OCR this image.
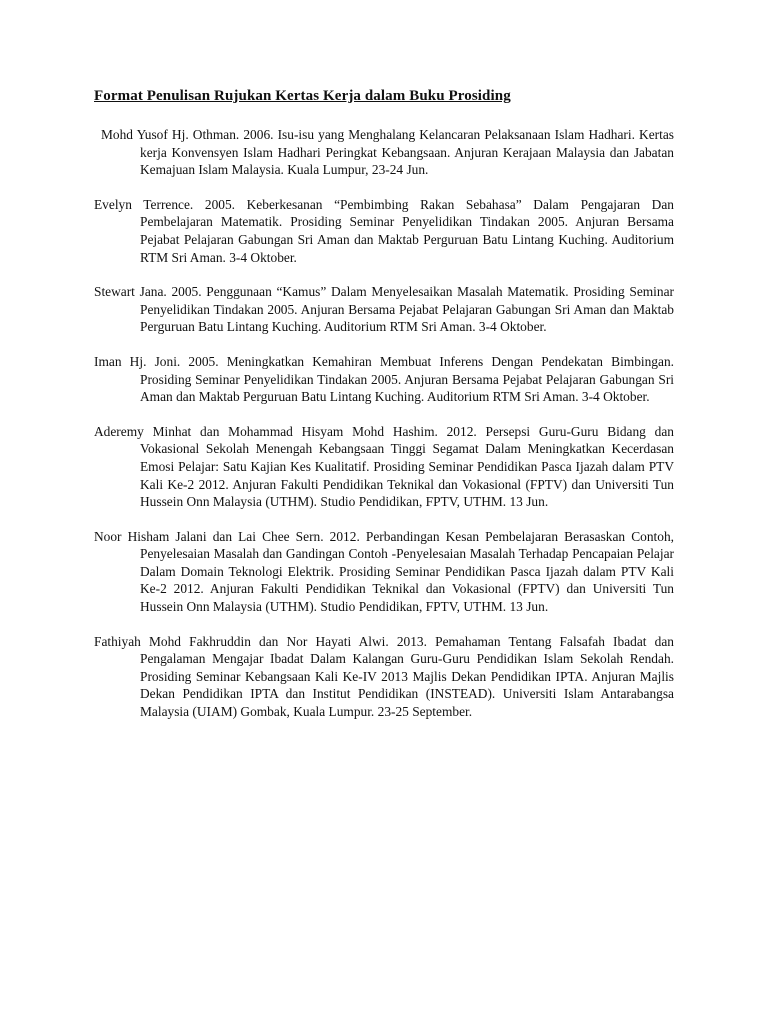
Format Penulisan Rujukan Kertas Kerja dalam Buku Prosiding

Mohd Yusof Hj. Othman. 2006. Isu-isu yang Menghalang Kelancaran Pelaksanaan Islam Hadhari. Kertas kerja Konvensyen Islam Hadhari Peringkat Kebangsaan. Anjuran Kerajaan Malaysia dan Jabatan Kemajuan Islam Malaysia. Kuala Lumpur, 23-24 Jun.

Evelyn Terrence. 2005. Keberkesanan “Pembimbing Rakan Sebahasa” Dalam Pengajaran Dan Pembelajaran Matematik. Prosiding Seminar Penyelidikan Tindakan 2005. Anjuran Bersama Pejabat Pelajaran Gabungan Sri Aman dan Maktab Perguruan Batu Lintang Kuching. Auditorium RTM Sri Aman. 3-4 Oktober.

Stewart Jana. 2005. Penggunaan “Kamus” Dalam Menyelesaikan Masalah Matematik. Prosiding Seminar Penyelidikan Tindakan 2005. Anjuran Bersama Pejabat Pelajaran Gabungan Sri Aman dan Maktab Perguruan Batu Lintang Kuching. Auditorium RTM Sri Aman. 3-4 Oktober.

Iman Hj. Joni. 2005. Meningkatkan Kemahiran Membuat Inferens Dengan Pendekatan Bimbingan. Prosiding Seminar Penyelidikan Tindakan 2005. Anjuran Bersama Pejabat Pelajaran Gabungan Sri Aman dan Maktab Perguruan Batu Lintang Kuching. Auditorium RTM Sri Aman. 3-4 Oktober.

Aderemy Minhat dan Mohammad Hisyam Mohd Hashim. 2012. Persepsi Guru-Guru Bidang dan Vokasional Sekolah Menengah Kebangsaan Tinggi Segamat Dalam Meningkatkan Kecerdasan Emosi Pelajar: Satu Kajian Kes Kualitatif. Prosiding Seminar Pendidikan Pasca Ijazah dalam PTV Kali Ke-2 2012. Anjuran Fakulti Pendidikan Teknikal dan Vokasional (FPTV) dan Universiti Tun Hussein Onn Malaysia (UTHM). Studio Pendidikan, FPTV, UTHM. 13 Jun.

Noor Hisham Jalani dan Lai Chee Sern. 2012. Perbandingan Kesan Pembelajaran Berasaskan Contoh, Penyelesaian Masalah dan Gandingan Contoh -Penyelesaian Masalah Terhadap Pencapaian Pelajar Dalam Domain Teknologi Elektrik. Prosiding Seminar Pendidikan Pasca Ijazah dalam PTV Kali Ke-2 2012. Anjuran Fakulti Pendidikan Teknikal dan Vokasional (FPTV) dan Universiti Tun Hussein Onn Malaysia (UTHM). Studio Pendidikan, FPTV, UTHM. 13 Jun.

Fathiyah Mohd Fakhruddin dan Nor Hayati Alwi. 2013. Pemahaman Tentang Falsafah Ibadat dan Pengalaman Mengajar Ibadat Dalam Kalangan Guru-Guru Pendidikan Islam Sekolah Rendah. Prosiding Seminar Kebangsaan Kali Ke-IV 2013 Majlis Dekan Pendidikan IPTA. Anjuran Majlis Dekan Pendidikan IPTA dan Institut Pendidikan (INSTEAD). Universiti Islam Antarabangsa Malaysia (UIAM) Gombak, Kuala Lumpur. 23-25 September.
